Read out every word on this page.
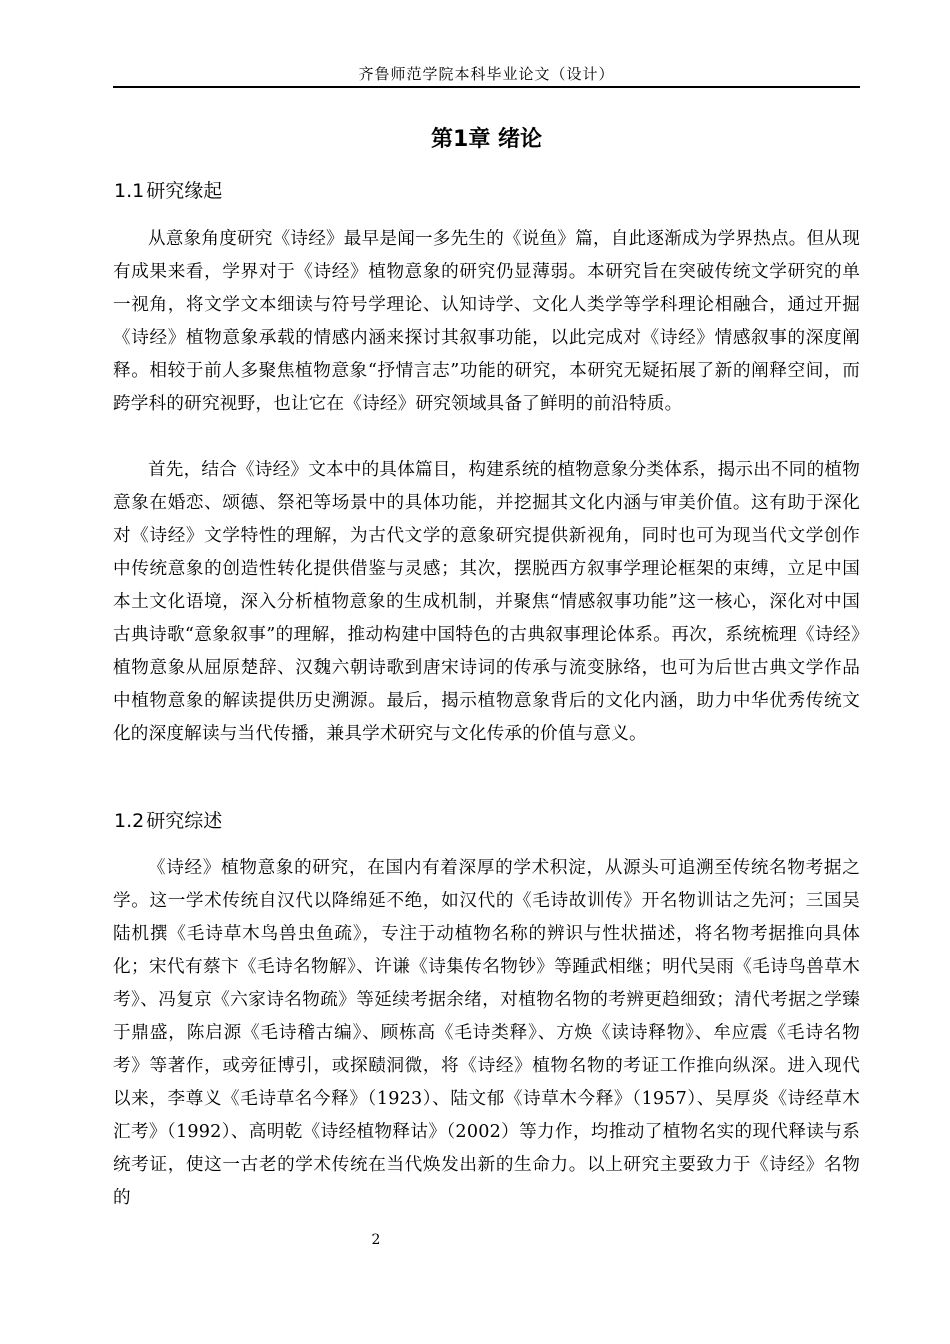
齐鲁师范学院本科毕业论文（设计）
第1章 绪论
1.1 研究缘起

从意象角度研究《诗经》最早是闻一多先生的《说鱼》篇，自此逐渐成为学界热点。但从现有成果来看，学界对于《诗经》植物意象的研究仍显薄弱。本研究旨在突破传统文学研究的单一视角，将文学文本细读与符号学理论、认知诗学、文化人类学等学科理论相融合，通过开掘《诗经》植物意象承载的情感内涵来探讨其叙事功能，以此完成对《诗经》情感叙事的深度阐释。相较于前人多聚焦植物意象“抒情言志”功能的研究，本研究无疑拓展了新的阐释空间，而跨学科的研究视野，也让它在《诗经》研究领域具备了鲜明的前沿特质。

首先，结合《诗经》文本中的具体篇目，构建系统的植物意象分类体系，揭示出不同的植物意象在婚恋、颂德、祭祀等场景中的具体功能，并挖掘其文化内涵与审美价值。这有助于深化对《诗经》文学特性的理解，为古代文学的意象研究提供新视角，同时也可为现当代文学创作中传统意象的创造性转化提供借鉴与灵感；其次，摆脱西方叙事学理论框架的束缚，立足中国本土文化语境，深入分析植物意象的生成机制，并聚焦“情感叙事功能”这一核心，深化对中国古典诗歌“意象叙事”的理解，推动构建中国特色的古典叙事理论体系。再次，系统梳理《诗经》植物意象从屈原楚辞、汉魏六朝诗歌到唐宋诗词的传承与流变脉络，也可为后世古典文学作品中植物意象的解读提供历史溯源。最后，揭示植物意象背后的文化内涵，助力中华优秀传统文化的深度解读与当代传播，兼具学术研究与文化传承的价值与意义。

1.2 研究综述

《诗经》植物意象的研究，在国内有着深厚的学术积淀，从源头可追溯至传统名物考据之学。这一学术传统自汉代以降绵延不绝，如汉代的《毛诗故训传》开名物训诂之先河；三国吴陆机撰《毛诗草木鸟兽虫鱼疏》，专注于动植物名称的辨识与性状描述，将名物考据推向具体化；宋代有蔡卞《毛诗名物解》、许谦《诗集传名物钞》等踵武相继；明代吴雨《毛诗鸟兽草木考》、冯复京《六家诗名物疏》等延续考据余绪，对植物名物的考辨更趋细致；清代考据之学臻于鼎盛，陈启源《毛诗稽古编》、顾栋高《毛诗类释》、方焕《读诗释物》、牟应震《毛诗名物考》等著作，或旁征博引，或探赜洞微，将《诗经》植物名物的考证工作推向纵深。进入现代以来，李尊义《毛诗草名今释》（1923）、陆文郁《诗草木今释》（1957）、吴厚炎《诗经草木汇考》（1992）、高明乾《诗经植物释诂》（2002）等力作，均推动了植物名实的现代释读与系统考证，使这一古老的学术传统在当代焕发出新的生命力。以上研究主要致力于《诗经》名物的

2
